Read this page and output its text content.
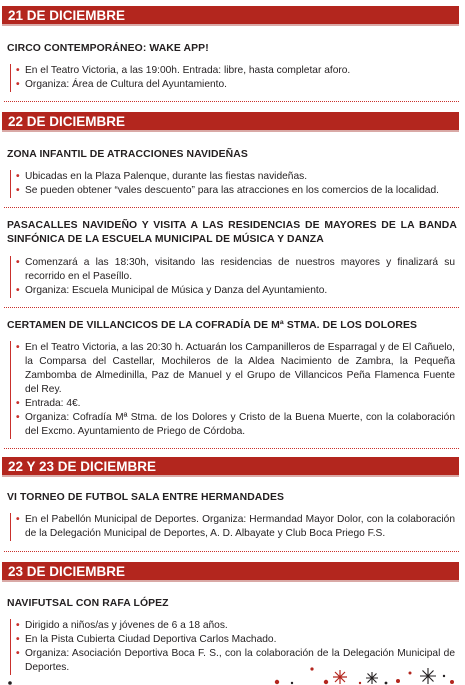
21 DE DICIEMBRE
CIRCO CONTEMPORÁNEO: WAKE APP!
• En el Teatro Victoria, a las 19:00h. Entrada: libre, hasta completar aforo.
• Organiza: Área de Cultura del Ayuntamiento.
22 DE DICIEMBRE
ZONA INFANTIL DE ATRACCIONES NAVIDEÑAS
• Ubicadas en la Plaza Palenque, durante las fiestas navideñas.
• Se pueden obtener “vales descuento” para las atracciones en los comercios de la localidad.
PASACALLES NAVIDEÑO Y VISITA A LAS RESIDENCIAS DE MAYORES DE LA BANDA SINFÓNICA DE LA ESCUELA MUNICIPAL DE MÚSICA Y DANZA
• Comenzará a las 18:30h, visitando las residencias de nuestros mayores y finalizará su recorrido en el Paseíllo.
• Organiza: Escuela Municipal de Música y Danza del Ayuntamiento.
CERTAMEN DE VILLANCICOS DE LA COFRADÍA DE Mª STMA. DE LOS DOLORES
• En el Teatro Victoria, a las 20:30 h. Actuarán los Campanilleros de Esparragal y de El Cañuelo, la Comparsa del Castellar, Mochileros de la Aldea Nacimiento de Zambra, la Pequeña Zambomba de Almedinilla, Paz de Manuel y el Grupo de Villancicos Peña Flamenca Fuente del Rey.
• Entrada: 4€.
• Organiza: Cofradía Mª Stma. de los Dolores y Cristo de la Buena Muerte, con la colaboración del Excmo. Ayuntamiento de Priego de Córdoba.
22 Y 23 DE DICIEMBRE
VI TORNEO DE FUTBOL SALA ENTRE HERMANDADES
• En el Pabellón Municipal de Deportes. Organiza: Hermandad Mayor Dolor, con la colaboración de la Delegación Municipal de Deportes, A. D. Albayate y Club Boca Priego F.S.
23 DE DICIEMBRE
NAVIFUTSAL CON RAFA LÓPEZ
• Dirigido a niños/as y jóvenes de 6 a 18 años.
• En la Pista Cubierta Ciudad Deportiva Carlos Machado.
• Organiza: Asociación Deportiva Boca F. S., con la colaboración de la Delegación Municipal de Deportes.
